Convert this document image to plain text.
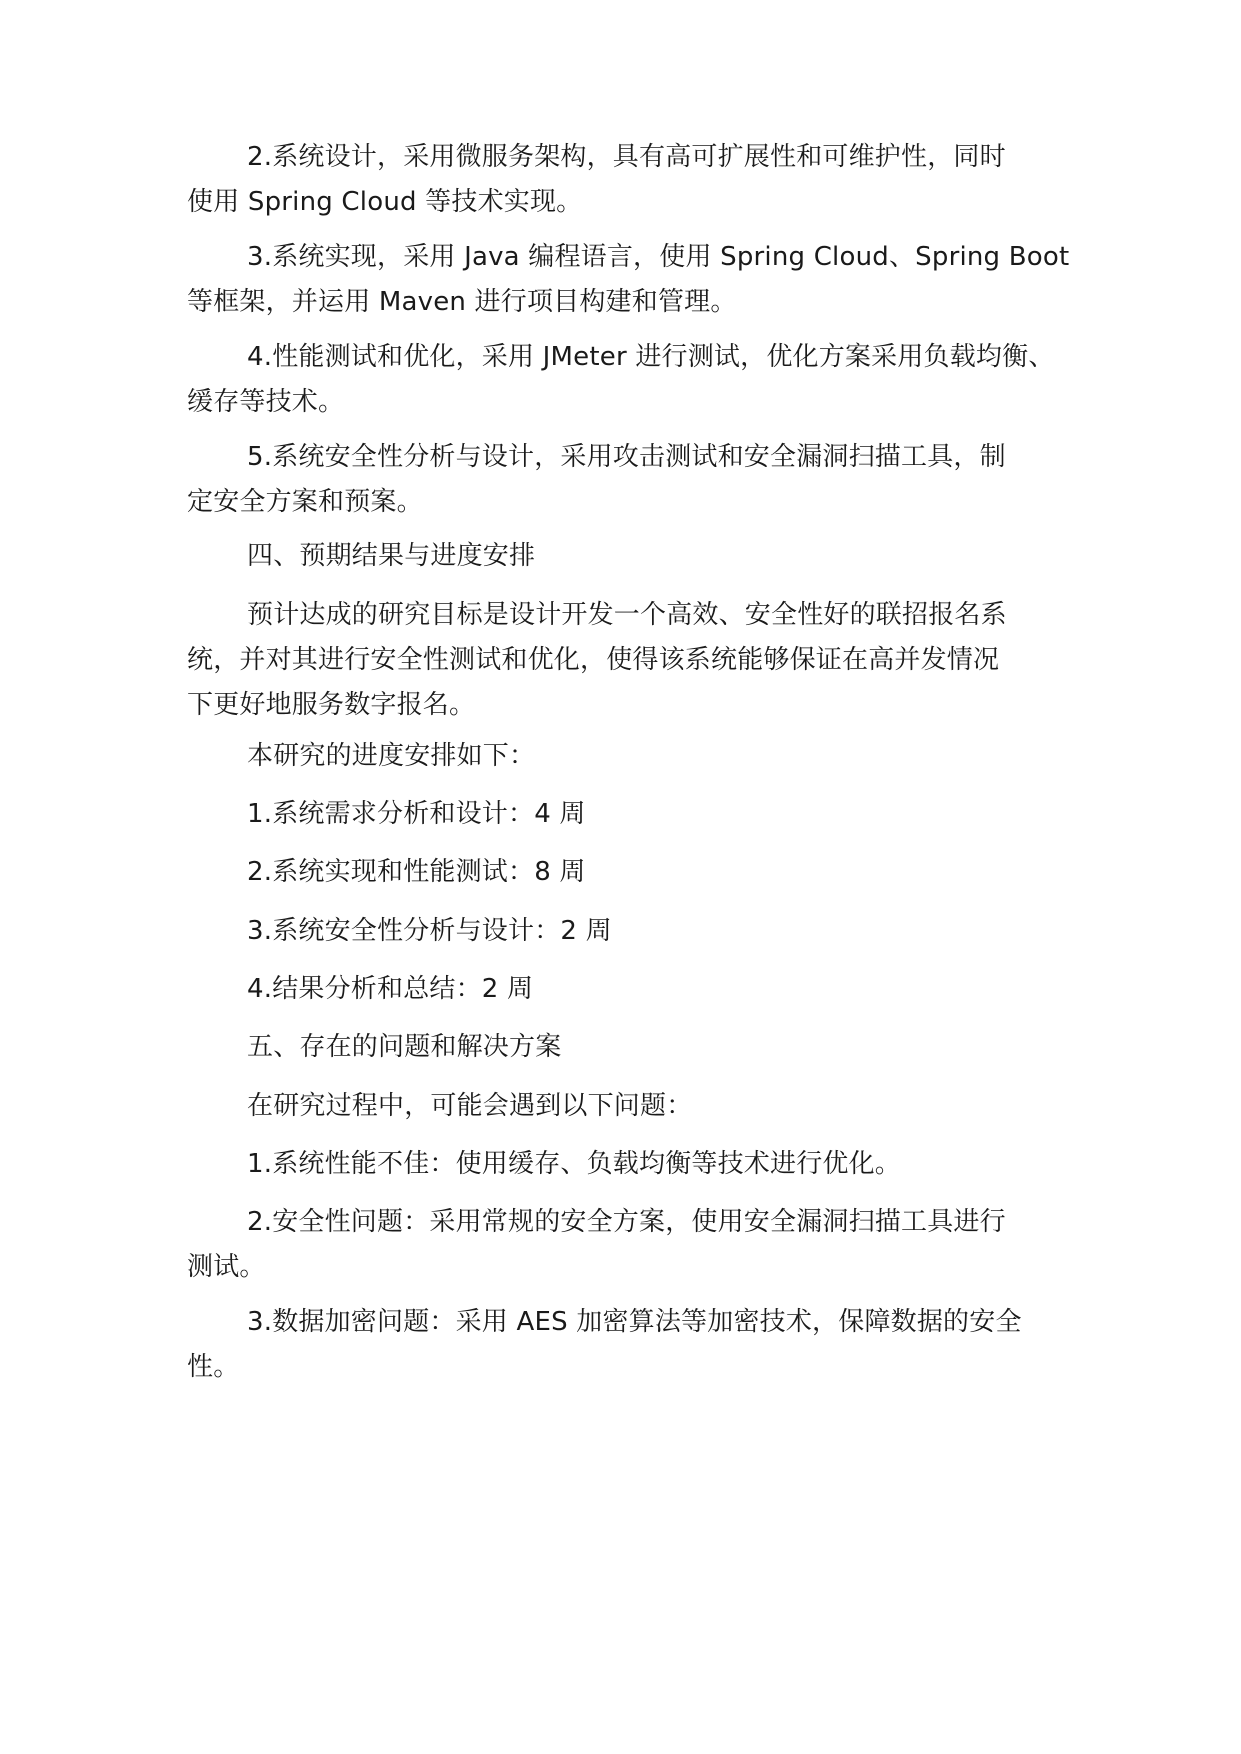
2.系统设计，采用微服务架构，具有高可扩展性和可维护性，同时
使用 Spring Cloud 等技术实现。
3.系统实现，采用 Java 编程语言，使用 Spring Cloud、Spring Boot
等框架，并运用 Maven 进行项目构建和管理。
4.性能测试和优化，采用 JMeter 进行测试，优化方案采用负载均衡、
缓存等技术。
5.系统安全性分析与设计，采用攻击测试和安全漏洞扫描工具，制
定安全方案和预案。
四、预期结果与进度安排
预计达成的研究目标是设计开发一个高效、安全性好的联招报名系
统，并对其进行安全性测试和优化，使得该系统能够保证在高并发情况
下更好地服务数字报名。
本研究的进度安排如下：
1.系统需求分析和设计：4 周
2.系统实现和性能测试：8 周
3.系统安全性分析与设计：2 周
4.结果分析和总结：2 周
五、存在的问题和解决方案
在研究过程中，可能会遇到以下问题：
1.系统性能不佳：使用缓存、负载均衡等技术进行优化。
2.安全性问题：采用常规的安全方案，使用安全漏洞扫描工具进行
测试。
3.数据加密问题：采用 AES 加密算法等加密技术，保障数据的安全
性。
